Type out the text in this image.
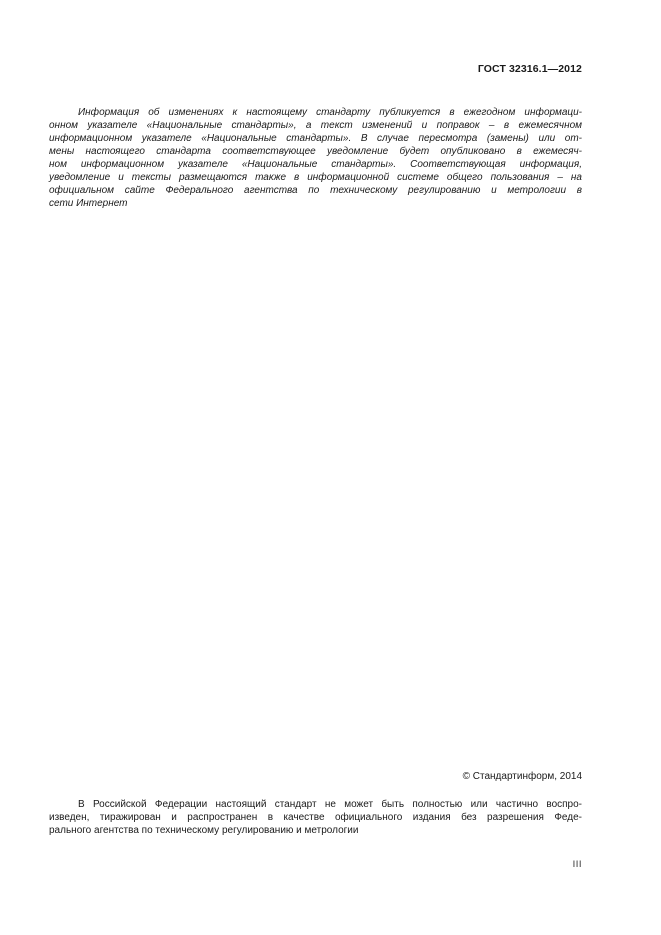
ГОСТ 32316.1—2012
Информация об изменениях к настоящему стандарту публикуется в ежегодном информаци-
онном указателе «Национальные стандарты», а текст изменений и поправок – в ежемесячном
информационном указателе «Национальные стандарты». В случае пересмотра (замены) или от-
мены настоящего стандарта соответствующее уведомление будет опубликовано в ежемесяч-
ном информационном указателе «Национальные стандарты». Соответствующая информация,
уведомление и тексты размещаются также в информационной системе общего пользования – на
официальном сайте Федерального агентства по техническому регулированию и метрологии в
сети Интернет
© Стандартинформ, 2014
В Российской Федерации настоящий стандарт не может быть полностью или частично воспро-
изведен, тиражирован и распространен в качестве официального издания без разрешения Феде-
рального агентства по техническому регулированию и метрологии
III
